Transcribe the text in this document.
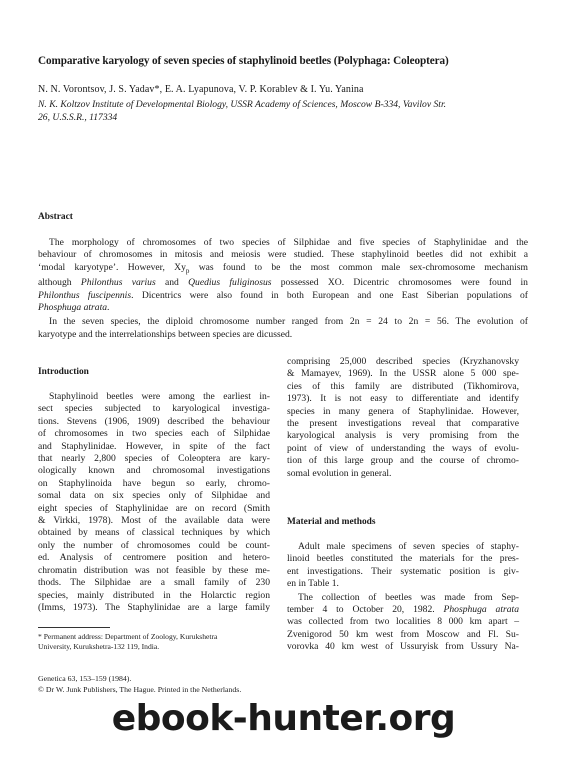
Comparative karyology of seven species of staphylinoid beetles (Polyphaga: Coleoptera)
N. N. Vorontsov, J. S. Yadav*, E. A. Lyapunova, V. P. Korablev & I. Yu. Yanina
N. K. Koltzov Institute of Developmental Biology, USSR Academy of Sciences, Moscow B-334, Vavilov Str.
26, U.S.S.R., 117334
Abstract
The morphology of chromosomes of two species of Silphidae and five species of Staphylinidae and the
behaviour of chromosomes in mitosis and meiosis were studied. These staphylinoid beetles did not exhibit a
‘modal karyotype’. However, $Xy_p$ was found to be the most common male sex-chromosome mechanism
although Philonthus varius and Quedius fuliginosus possessed XO. Dicentric chromosomes were found in
Philonthus fuscipennis. Dicentrics were also found in both European and one East Siberian populations of
Phosphuga atrata.
In the seven species, the diploid chromosome number ranged from 2n = 24 to 2n = 56. The evolution of
karyotype and the interrelationships between species are dicussed.
Introduction
Staphylinoid beetles were among the earliest in-
sect species subjected to karyological investiga-
tions. Stevens (1906, 1909) described the behaviour
of chromosomes in two species each of Silphidae
and Staphylinidae. However, in spite of the fact
that nearly 2,800 species of Coleoptera are kary-
ologically known and chromosomal investigations
on Staphylinoida have begun so early, chromo-
somal data on six species only of Silphidae and
eight species of Staphylinidae are on record (Smith
& Virkki, 1978). Most of the available data were
obtained by means of classical techniques by which
only the number of chromosomes could be count-
ed. Analysis of centromere position and hetero-
chromatin distribution was not feasible by these me-
thods. The Silphidae are a small family of 230
species, mainly distributed in the Holarctic region
(Imms, 1973). The Staphylinidae are a large family
comprising 25,000 described species (Kryzhanovsky
& Mamayev, 1969). In the USSR alone 5 000 spe-
cies of this family are distributed (Tikhomirova,
1973). It is not easy to differentiate and identify
species in many genera of Staphylinidae. However,
the present investigations reveal that comparative
karyological analysis is very promising from the
point of view of understanding the ways of evolu-
tion of this large group and the course of chromo-
somal evolution in general.
Material and methods
Adult male specimens of seven species of staphy-
linoid beetles constituted the materials for the pres-
ent investigations. Their systematic position is giv-
en in Table 1.
The collection of beetles was made from Sep-
tember 4 to October 20, 1982. Phosphuga atrata
was collected from two localities 8 000 km apart –
Zvenigorod 50 km west from Moscow and Fl. Su-
vorovka 40 km west of Ussuryisk from Ussury Na-
* Permanent address: Department of Zoology, Kurukshetra
University, Kurukshetra-132 119, India.
Genetica 63, 153–159 (1984).
© Dr W. Junk Publishers, The Hague. Printed in the Netherlands.
ebook-hunter.org
